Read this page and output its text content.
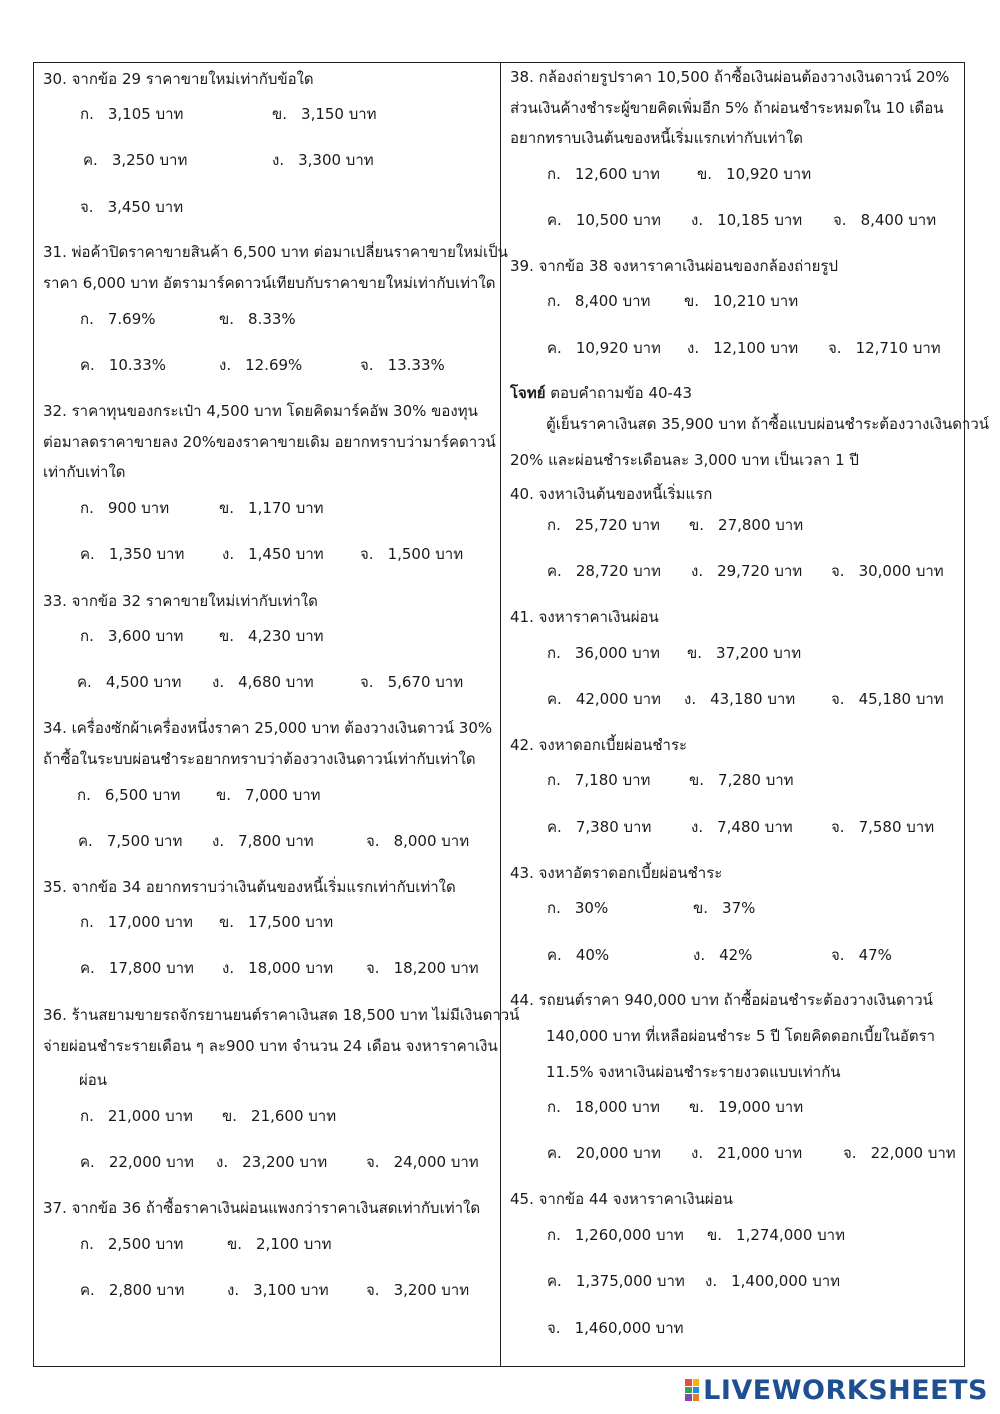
30. จากข้อ 29 ราคาขายใหม่เท่ากับข้อใด
ก. 3,105 บาท	ข. 3,150 บาท
ค. 3,250 บาท	ง. 3,300 บาท
จ. 3,450 บาท
31. พ่อค้าปิดราคาขายสินค้า 6,500 บาท ต่อมาเปลี่ยนราคาขายใหม่เป็น
ราคา 6,000 บาท อัตรามาร์คดาวน์เทียบกับราคาขายใหม่เท่ากับเท่าใด
ก. 7.69%	ข. 8.33%
ค. 10.33%	ง. 12.69%	จ. 13.33%
32. ราคาทุนของกระเป๋า 4,500 บาท โดยคิดมาร์คอัพ 30% ของทุน
ต่อมาลดราคาขายลง 20%ของราคาขายเดิม อยากทราบว่ามาร์คดาวน์
เท่ากับเท่าใด
ก. 900 บาท	ข. 1,170 บาท
ค. 1,350 บาท	ง. 1,450 บาท จ. 1,500 บาท
33. จากข้อ 32 ราคาขายใหม่เท่ากับเท่าใด
ก. 3,600 บาท ข. 4,230 บาท
ค. 4,500 บาท ง. 4,680 บาท	จ. 5,670 บาท
34. เครื่องซักผ้าเครื่องหนึ่งราคา 25,000 บาท ต้องวางเงินดาวน์ 30%
ถ้าซื้อในระบบผ่อนชำระอยากทราบว่าต้องวางเงินดาวน์เท่ากับเท่าใด
ก. 6,500 บาท ข. 7,000 บาท
ค. 7,500 บาท ง. 7,800 บาท	จ. 8,000 บาท
35. จากข้อ 34 อยากทราบว่าเงินต้นของหนี้เริ่มแรกเท่ากับเท่าใด
ก. 17,000 บาท ข. 17,500 บาท
ค. 17,800 บาท ง. 18,000 บาท จ. 18,200 บาท
36. ร้านสยามขายรถจักรยานยนต์ราคาเงินสด 18,500 บาท ไม่มีเงินดาวน์
จ่ายผ่อนชำระรายเดือน ๆ ละ900 บาท จำนวน 24 เดือน จงหาราคาเงิน
ผ่อน
ก. 21,000 บาท ข. 21,600 บาท
ค. 22,000 บาท ง. 23,200 บาท	จ. 24,000 บาท
37. จากข้อ 36 ถ้าซื้อราคาเงินผ่อนแพงกว่าราคาเงินสดเท่ากับเท่าใด
ก. 2,500 บาท	ข. 2,100 บาท
ค. 2,800 บาท	ง. 3,100 บาท จ. 3,200 บาท
38. กล้องถ่ายรูปราคา 10,500 ถ้าซื้อเงินผ่อนต้องวางเงินดาวน์ 20%
ส่วนเงินค้างชำระผู้ขายคิดเพิ่มอีก 5% ถ้าผ่อนชำระหมดใน 10 เดือน
อยากทราบเงินต้นของหนี้เริ่มแรกเท่ากับเท่าใด
ก. 12,600 บาท ข. 10,920 บาท
ค. 10,500 บาท ง. 10,185 บาท จ. 8,400 บาท
39. จากข้อ 38 จงหาราคาเงินผ่อนของกล้องถ่ายรูป
ก. 8,400 บาท ข. 10,210 บาท
ค. 10,920 บาท ง. 12,100 บาท จ. 12,710 บาท
โจทย์ ตอบคำถามข้อ 40-43
ตู้เย็นราคาเงินสด 35,900 บาท ถ้าซื้อแบบผ่อนชำระต้องวางเงินดาวน์
20% และผ่อนชำระเดือนละ 3,000 บาท เป็นเวลา 1 ปี
40. จงหาเงินต้นของหนี้เริ่มแรก
ก. 25,720 บาท ข. 27,800 บาท
ค. 28,720 บาท ง. 29,720 บาท จ. 30,000 บาท
41. จงหาราคาเงินผ่อน
ก. 36,000 บาท ข. 37,200 บาท
ค. 42,000 บาท ง. 43,180 บาท จ. 45,180 บาท
42. จงหาดอกเบี้ยผ่อนชำระ
ก. 7,180 บาท	ข. 7,280 บาท
ค. 7,380 บาท	ง. 7,480 บาท	จ. 7,580 บาท
43. จงหาอัตราดอกเบี้ยผ่อนชำระ
ก. 30%	ข. 37%
ค. 40%	ง. 42%	จ. 47%
44. รถยนต์ราคา 940,000 บาท ถ้าซื้อผ่อนชำระต้องวางเงินดาวน์
140,000 บาท ที่เหลือผ่อนชำระ 5 ปี โดยคิดดอกเบี้ยในอัตรา
11.5% จงหาเงินผ่อนชำระรายงวดแบบเท่ากัน
ก. 18,000 บาท ข. 19,000 บาท
ค. 20,000 บาท ง. 21,000 บาท	จ. 22,000 บาท
45. จากข้อ 44 จงหาราคาเงินผ่อน
ก. 1,260,000 บาท ข. 1,274,000 บาท
ค. 1,375,000 บาท ง. 1,400,000 บาท
จ. 1,460,000 บาท
LIVEWORKSHEETS
